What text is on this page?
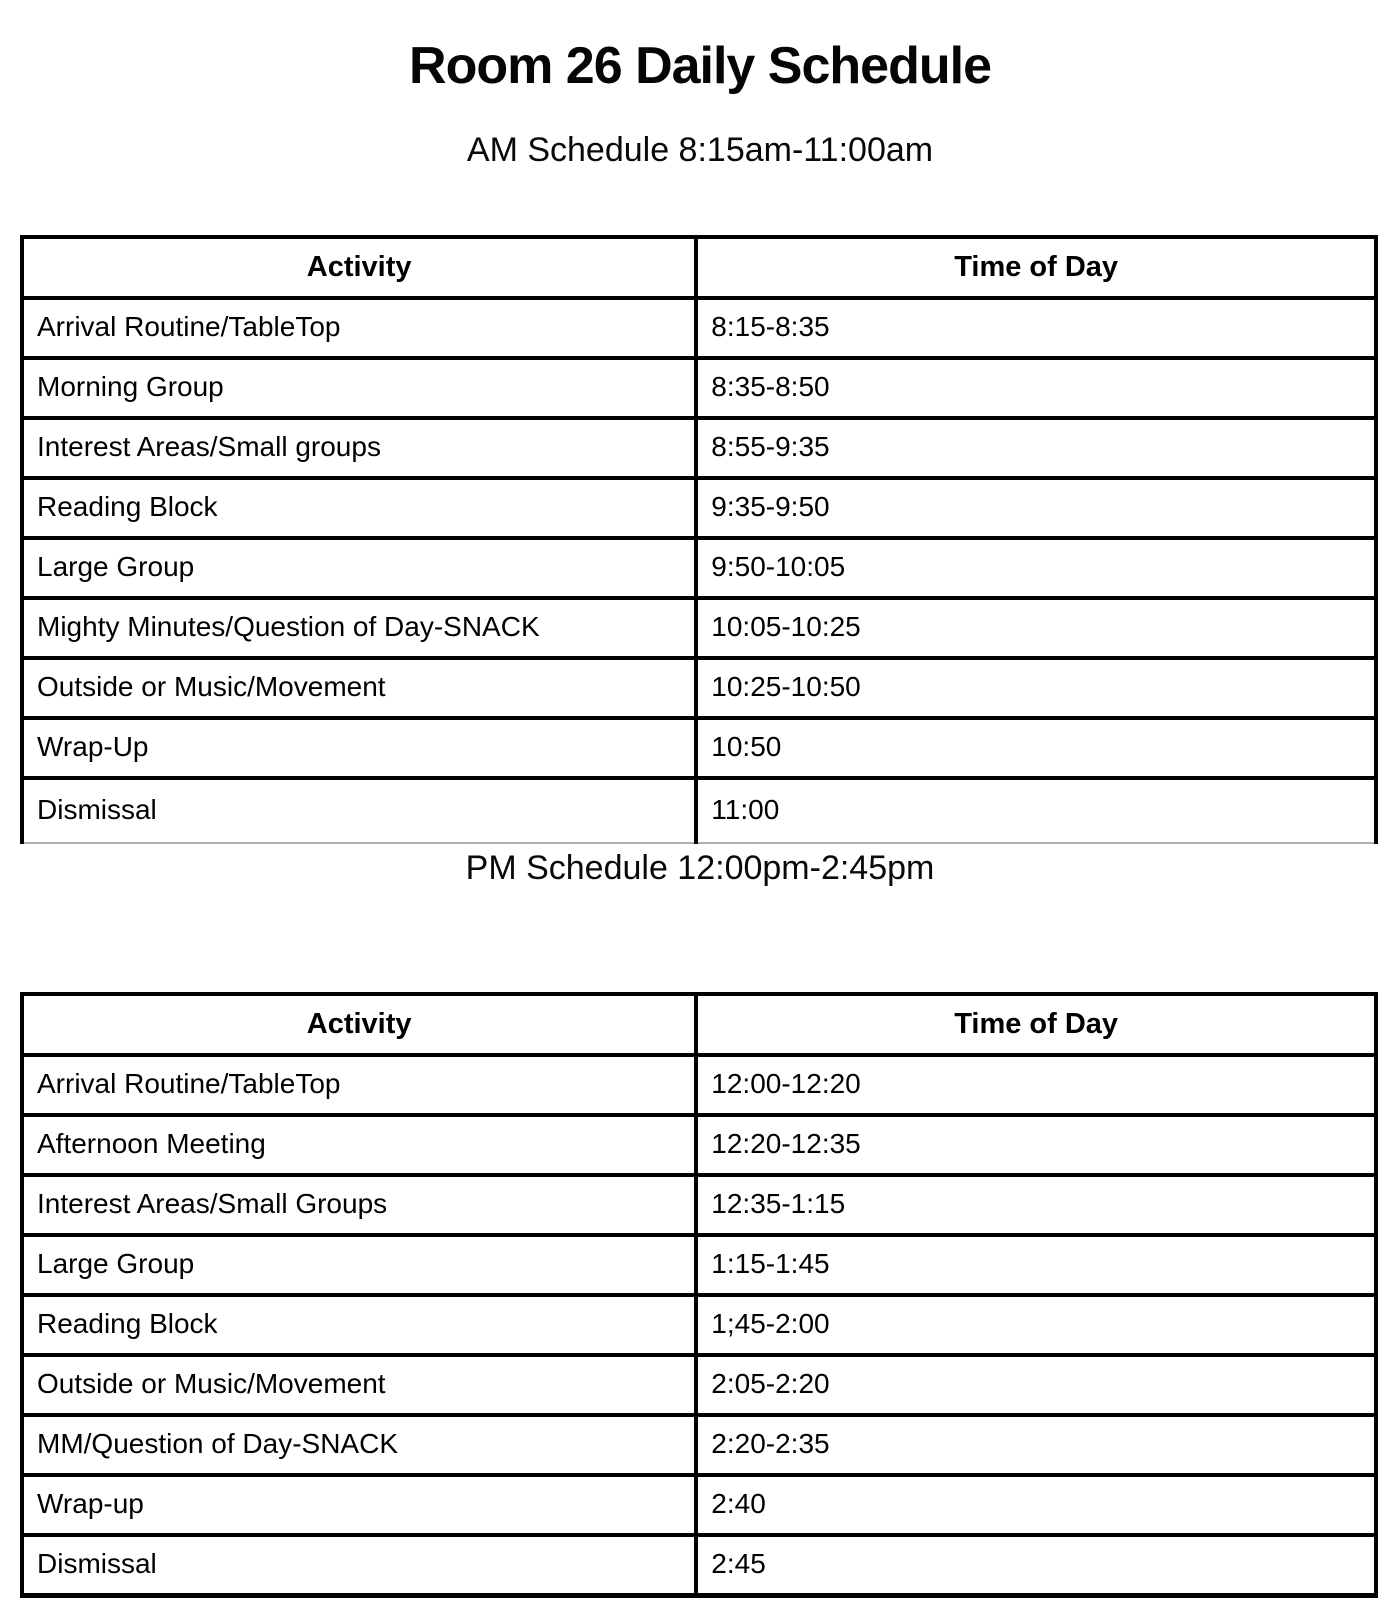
Room 26 Daily Schedule
AM Schedule 8:15am-11:00am
Activity	Time of Day
Arrival Routine/TableTop	8:15-8:35
Morning Group	8:35-8:50
Interest Areas/Small groups	8:55-9:35
Reading Block	9:35-9:50
Large Group	9:50-10:05
Mighty Minutes/Question of Day-SNACK	10:05-10:25
Outside or Music/Movement	10:25-10:50
Wrap-Up	10:50
Dismissal	11:00
PM Schedule 12:00pm-2:45pm
Activity	Time of Day
Arrival Routine/TableTop	12:00-12:20
Afternoon Meeting	12:20-12:35
Interest Areas/Small Groups	12:35-1:15
Large Group	1:15-1:45
Reading Block	1;45-2:00
Outside or Music/Movement	2:05-2:20
MM/Question of Day-SNACK	2:20-2:35
Wrap-up	2:40
Dismissal	2:45
